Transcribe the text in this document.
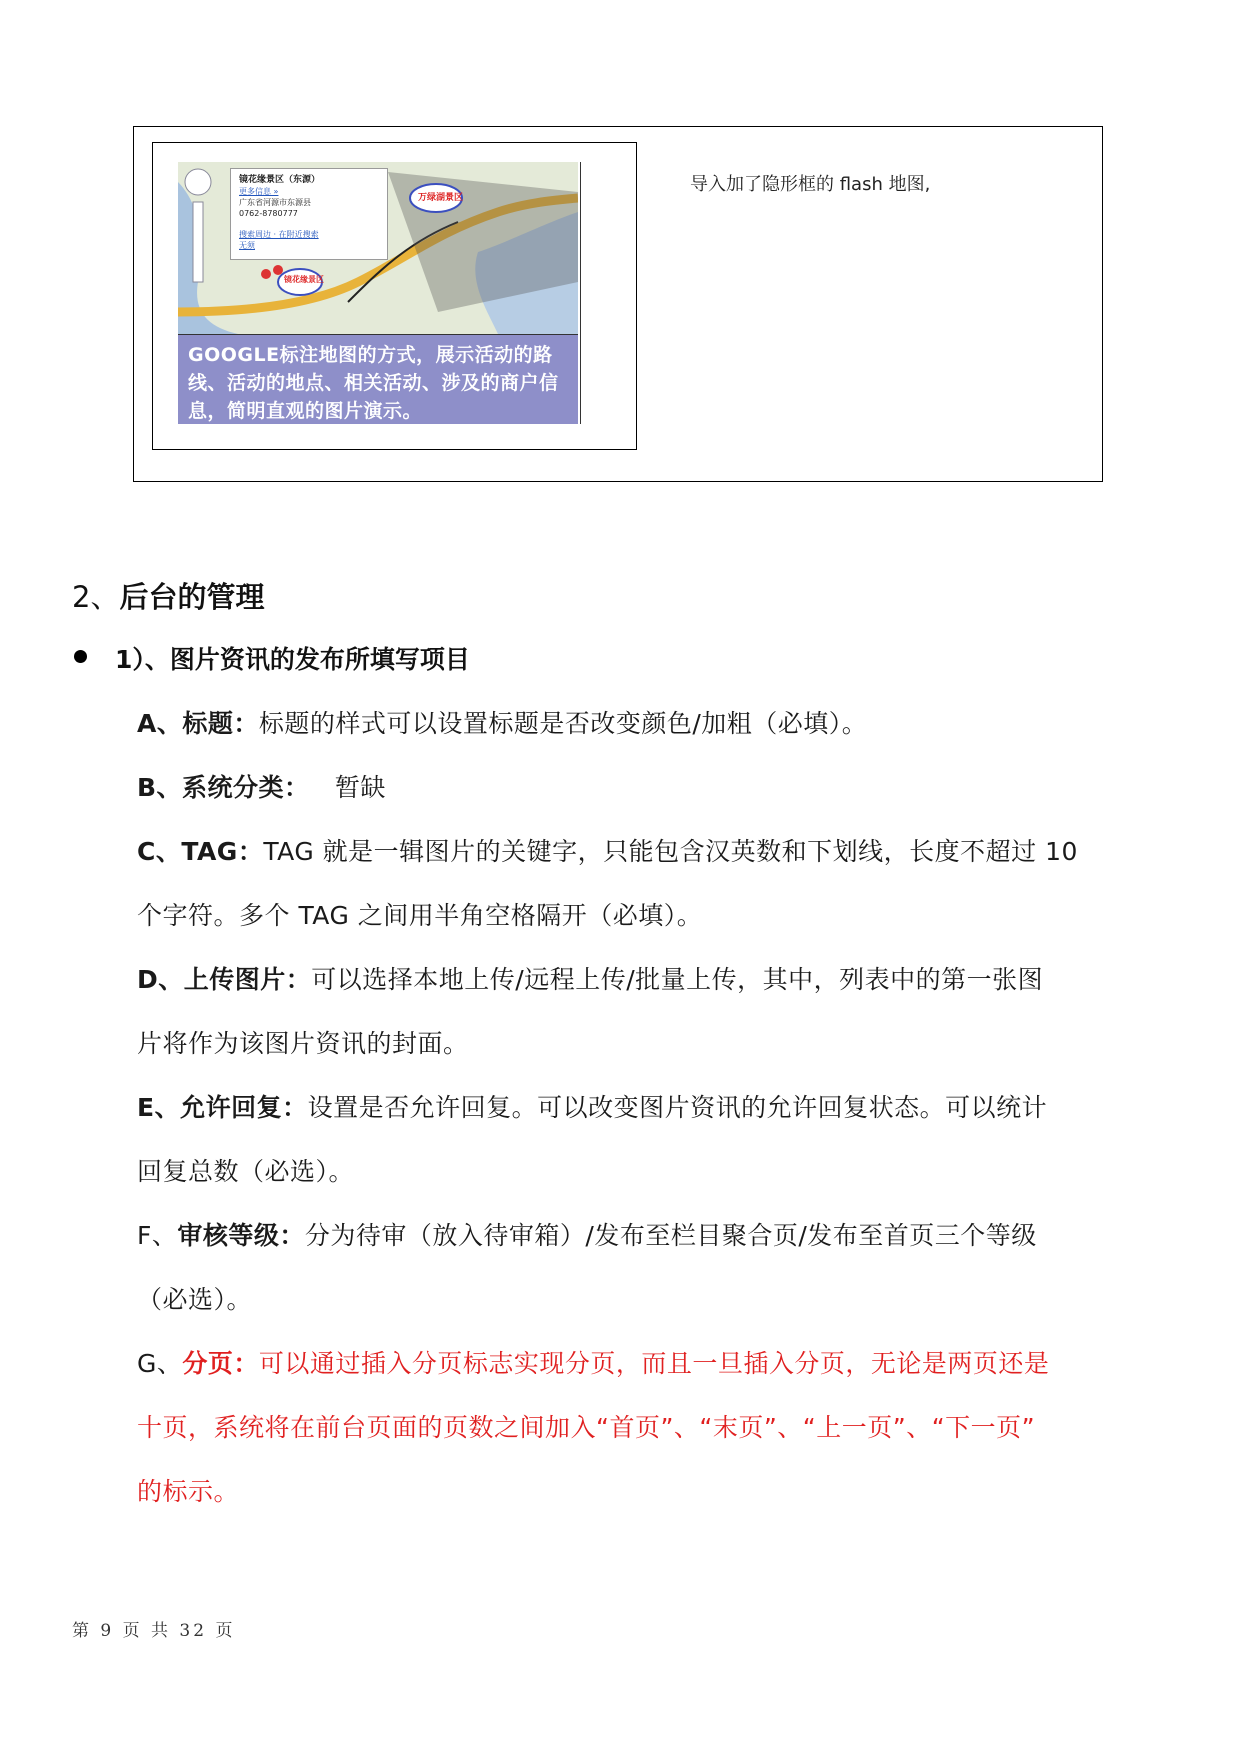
镜花缘景区（东源）
更多信息 »
广东省河源市东源县
0762-8780777
搜索周边 · 在附近搜索
无须
万绿湖景区
镜花缘景区
GOOGLE标注地图的方式，展示活动的路线、活动的地点、相关活动、涉及的商户信息，简明直观的图片演示。
导入加了隐形框的 flash 地图,
2、后台的管理
1）、图片资讯的发布所填写项目
A、标题：标题的样式可以设置标题是否改变颜色/加粗（必填）。
B、系统分类：   暂缺
C、TAG：TAG 就是一辑图片的关键字，只能包含汉英数和下划线，长度不超过 10
个字符。多个 TAG 之间用半角空格隔开（必填）。
D、上传图片：可以选择本地上传/远程上传/批量上传，其中，列表中的第一张图
片将作为该图片资讯的封面。
E、允许回复：设置是否允许回复。可以改变图片资讯的允许回复状态。可以统计
回复总数（必选）。
F、审核等级：分为待审（放入待审箱）/发布至栏目聚合页/发布至首页三个等级
（必选）。
G、分页：可以通过插入分页标志实现分页，而且一旦插入分页，无论是两页还是
十页，系统将在前台页面的页数之间加入“首页”、“末页”、“上一页”、“下一页”
的标示。
第 9 页 共 32 页
